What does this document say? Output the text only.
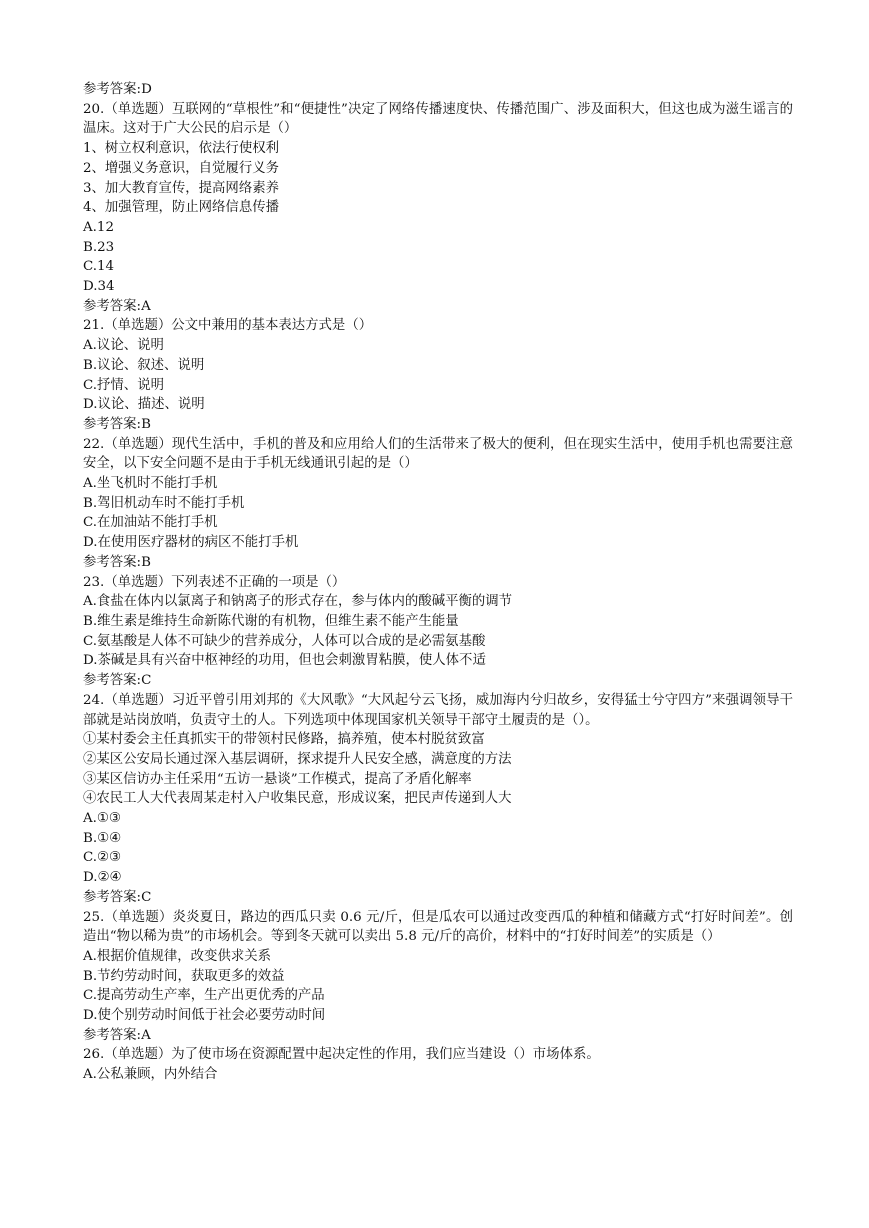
参考答案:D
20.（单选题）互联网的“草根性”和“便捷性”决定了网络传播速度快、传播范围广、涉及面积大，但这也成为滋生谣言的温床。这对于广大公民的启示是（）
1、树立权利意识，依法行使权利
2、增强义务意识，自觉履行义务
3、加大教育宣传，提高网络素养
4、加强管理，防止网络信息传播
A.12
B.23
C.14
D.34
参考答案:A
21.（单选题）公文中兼用的基本表达方式是（）
A.议论、说明
B.议论、叙述、说明
C.抒情、说明
D.议论、描述、说明
参考答案:B
22.（单选题）现代生活中，手机的普及和应用给人们的生活带来了极大的便利，但在现实生活中，使用手机也需要注意安全，以下安全问题不是由于手机无线通讯引起的是（）
A.坐飞机时不能打手机
B.驾旧机动车时不能打手机
C.在加油站不能打手机
D.在使用医疗器材的病区不能打手机
参考答案:B
23.（单选题）下列表述不正确的一项是（）
A.食盐在体内以氯离子和钠离子的形式存在，参与体内的酸碱平衡的调节
B.维生素是维持生命新陈代谢的有机物，但维生素不能产生能量
C.氨基酸是人体不可缺少的营养成分，人体可以合成的是必需氨基酸
D.茶碱是具有兴奋中枢神经的功用，但也会刺激胃粘膜，使人体不适
参考答案:C
24.（单选题）习近平曾引用刘邦的《大风歌》“大风起兮云飞扬，威加海内兮归故乡，安得猛士兮守四方”来强调领导干部就是站岗放哨，负责守土的人。下列选项中体现国家机关领导干部守土履责的是（）。
①某村委会主任真抓实干的带领村民修路，搞养殖，使本村脱贫致富
②某区公安局长通过深入基层调研，探求提升人民安全感，满意度的方法
③某区信访办主任采用“五访一悬谈”工作模式，提高了矛盾化解率
④农民工人大代表周某走村入户收集民意，形成议案，把民声传递到人大
A.①③
B.①④
C.②③
D.②④
参考答案:C
25.（单选题）炎炎夏日，路边的西瓜只卖 0.6 元/斤，但是瓜农可以通过改变西瓜的种植和储藏方式“打好时间差”。创造出“物以稀为贵”的市场机会。等到冬天就可以卖出 5.8 元/斤的高价，材料中的“打好时间差”的实质是（）
A.根据价值规律，改变供求关系
B.节约劳动时间，获取更多的效益
C.提高劳动生产率，生产出更优秀的产品
D.使个别劳动时间低于社会必要劳动时间
参考答案:A
26.（单选题）为了使市场在资源配置中起决定性的作用，我们应当建设（）市场体系。
A.公私兼顾，内外结合
